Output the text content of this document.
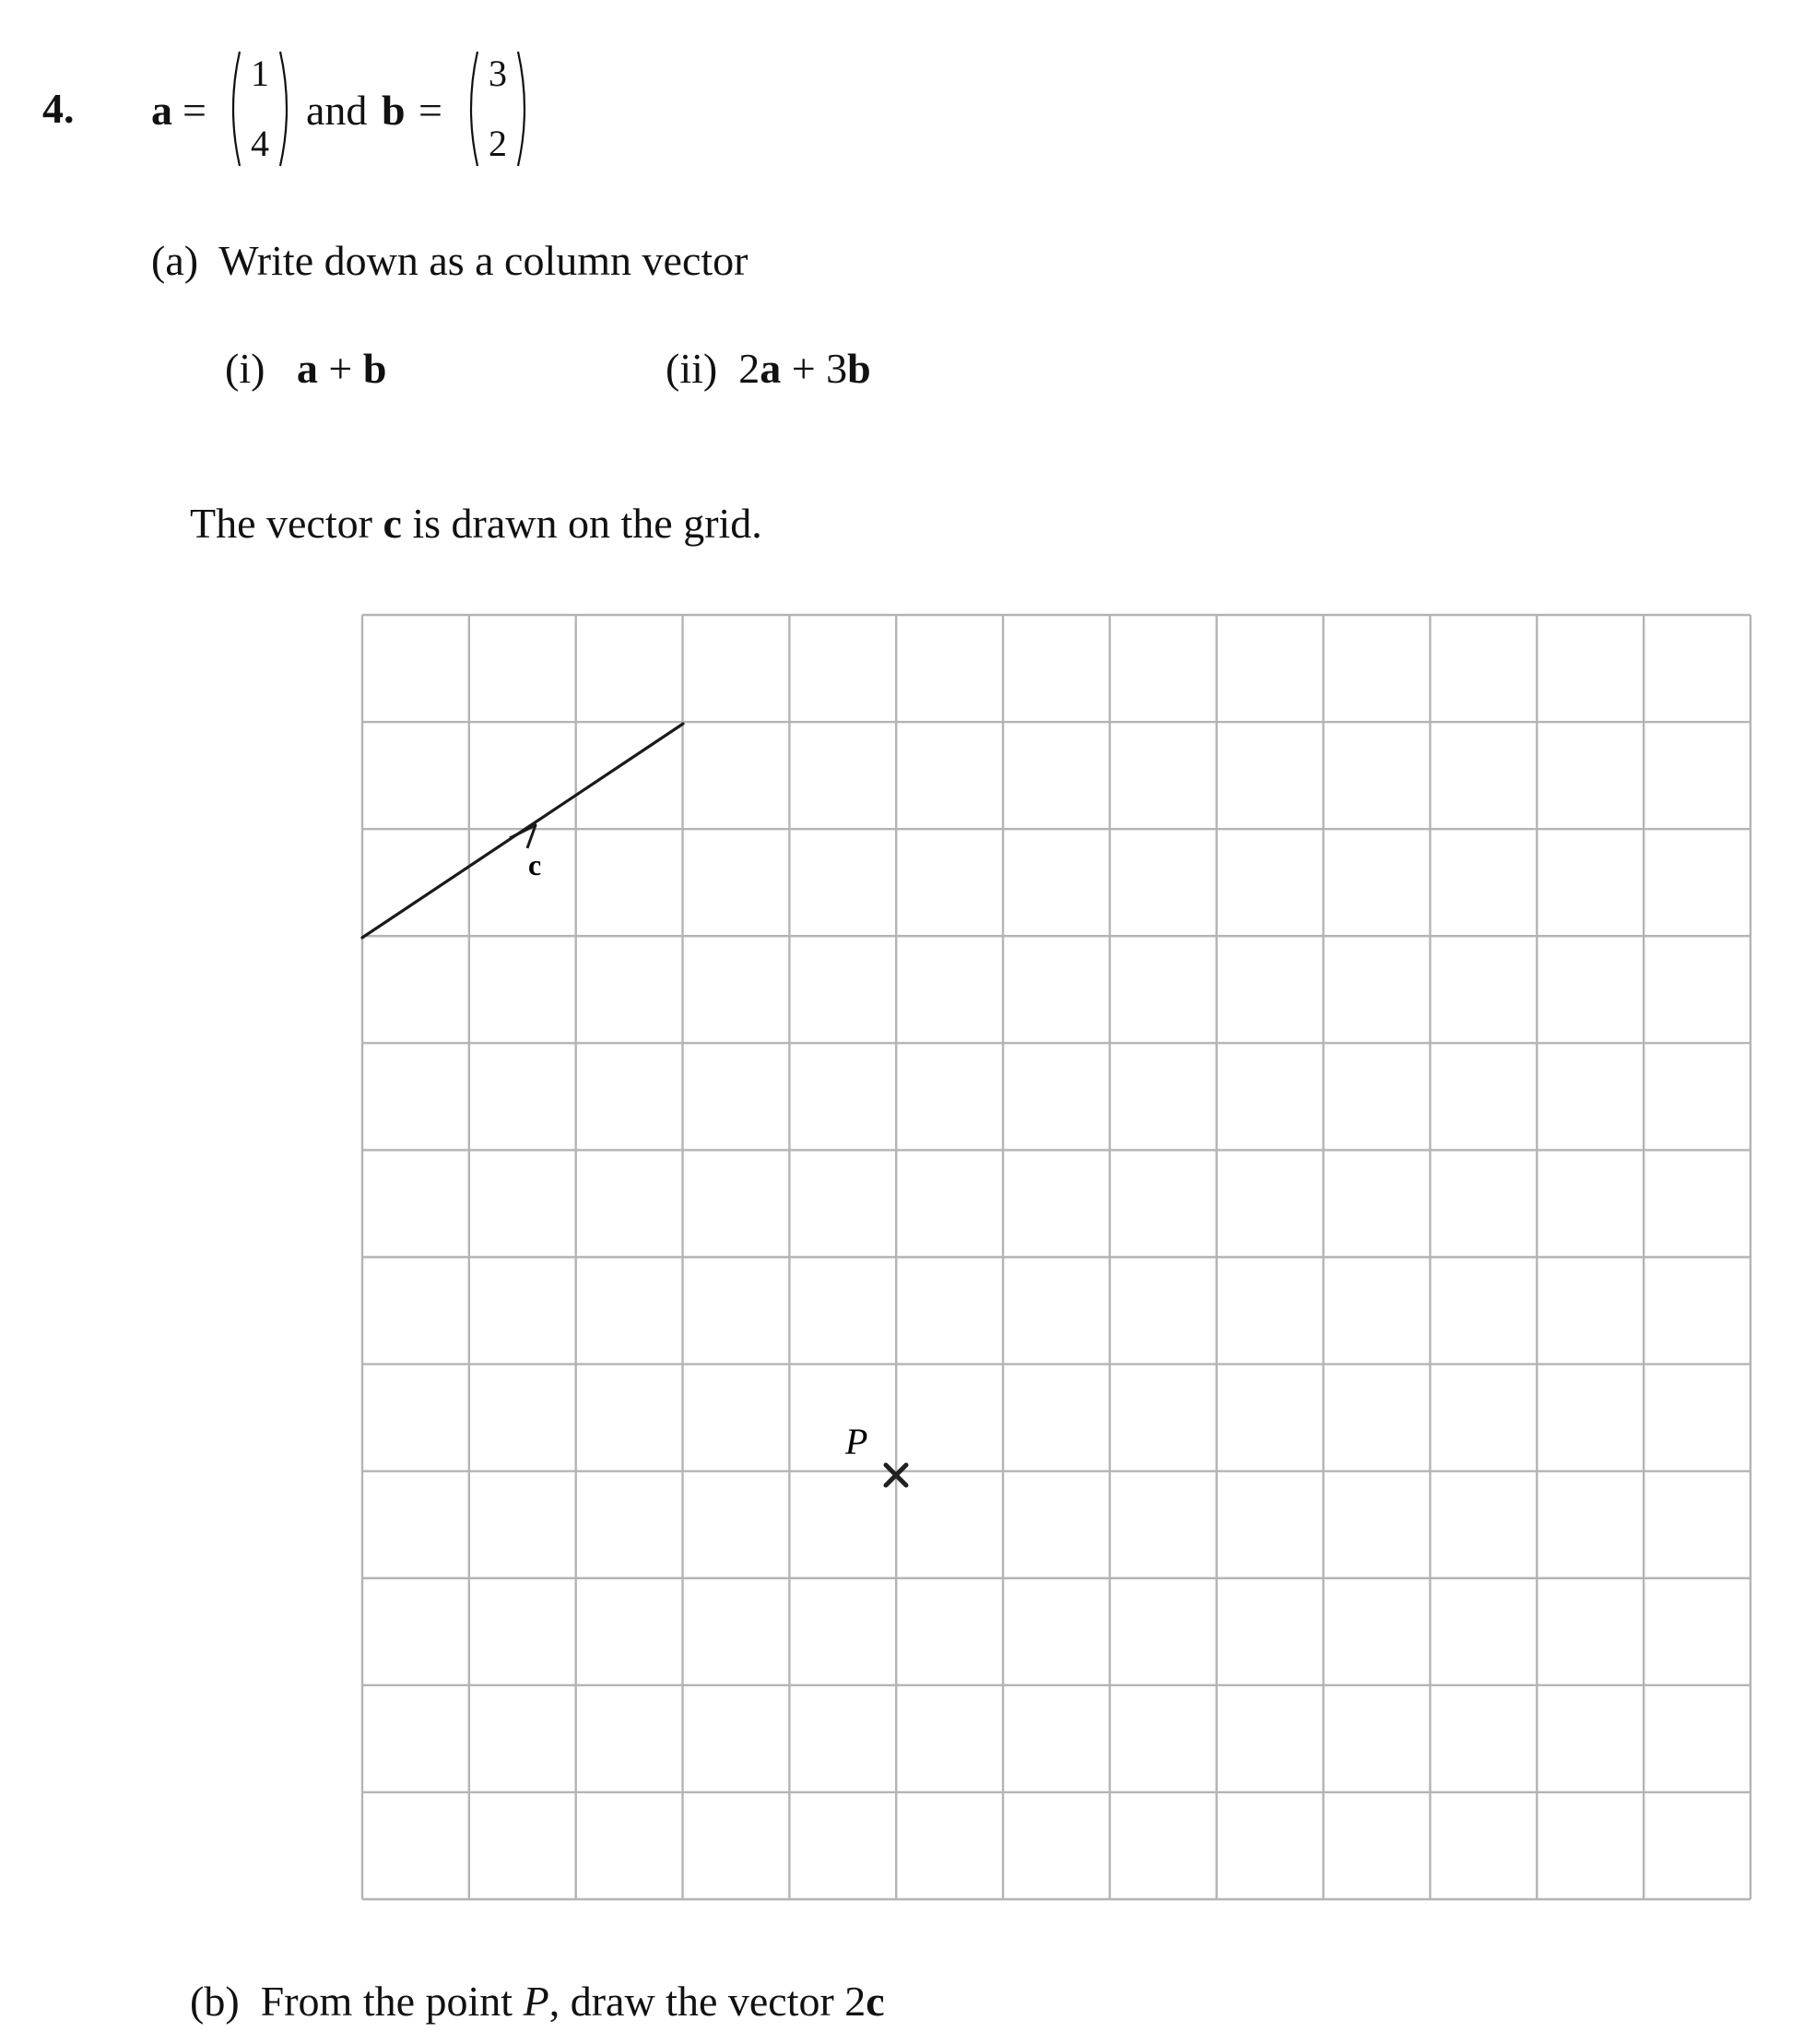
4. a =
1
4
and b =
3
2
(a) Write down as a column vector
(i) a + b	(ii) 2a + 3b
The vector c is drawn on the grid.
c
P
(b) From the point P, draw the vector 2c
